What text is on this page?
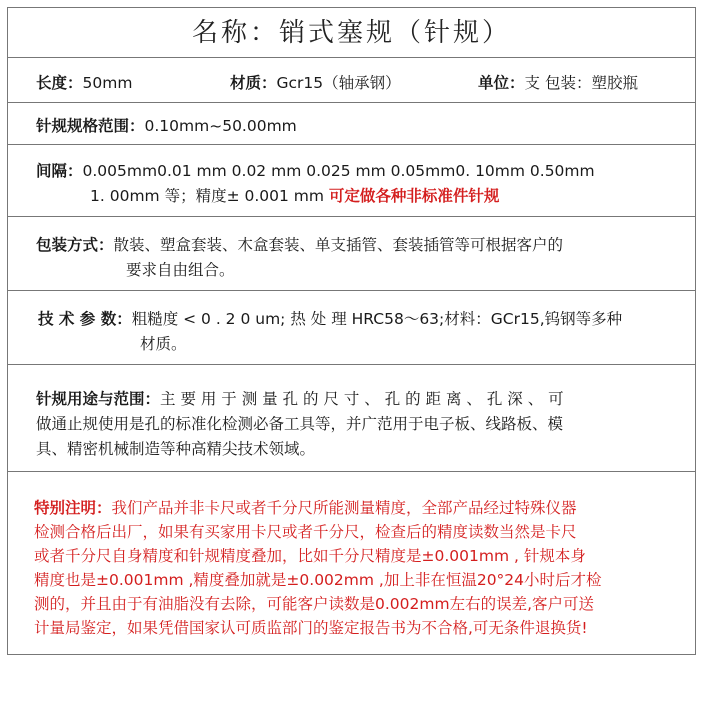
名称：销式塞规（针规）
长度：50mm	材质：Gcr15（轴承钢）	单位：支 包装：塑胶瓶
针规规格范围：0.10mm~50.00mm
间隔：0.005mm0.01 mm 0.02 mm 0.025 mm 0.05mm0. 10mm 0.50mm
1. 00mm 等；精度± 0.001 mm 可定做各种非标准件针规
包装方式：散装、塑盒套装、木盒套装、单支插管、套装插管等可根据客户的
要求自由组合。
技 术 参 数：粗糙度 < 0 . 2 0 um; 热 处 理 HRC58～63;材料：GCr15,钨钢等多种
材质。
针规用途与范围：主 要 用 于 测 量 孔 的 尺 寸 、 孔 的 距 离 、 孔 深 、 可
做通止规使用是孔的标准化检测必备工具等，并广范用于电子板、线路板、模
具、精密机械制造等种高精尖技术领域。
特别注明：我们产品并非卡尺或者千分尺所能测量精度，全部产品经过特殊仪器
检测合格后出厂，如果有买家用卡尺或者千分尺，检查后的精度读数当然是卡尺
或者千分尺自身精度和针规精度叠加，比如千分尺精度是±0.001mm , 针规本身
精度也是±0.001mm ,精度叠加就是±0.002mm ,加上非在恒温20°24小时后才检
测的，并且由于有油脂没有去除，可能客户读数是0.002mm左右的误差,客户可送
计量局鉴定，如果凭借国家认可质监部门的鉴定报告书为不合格,可无条件退换货!
